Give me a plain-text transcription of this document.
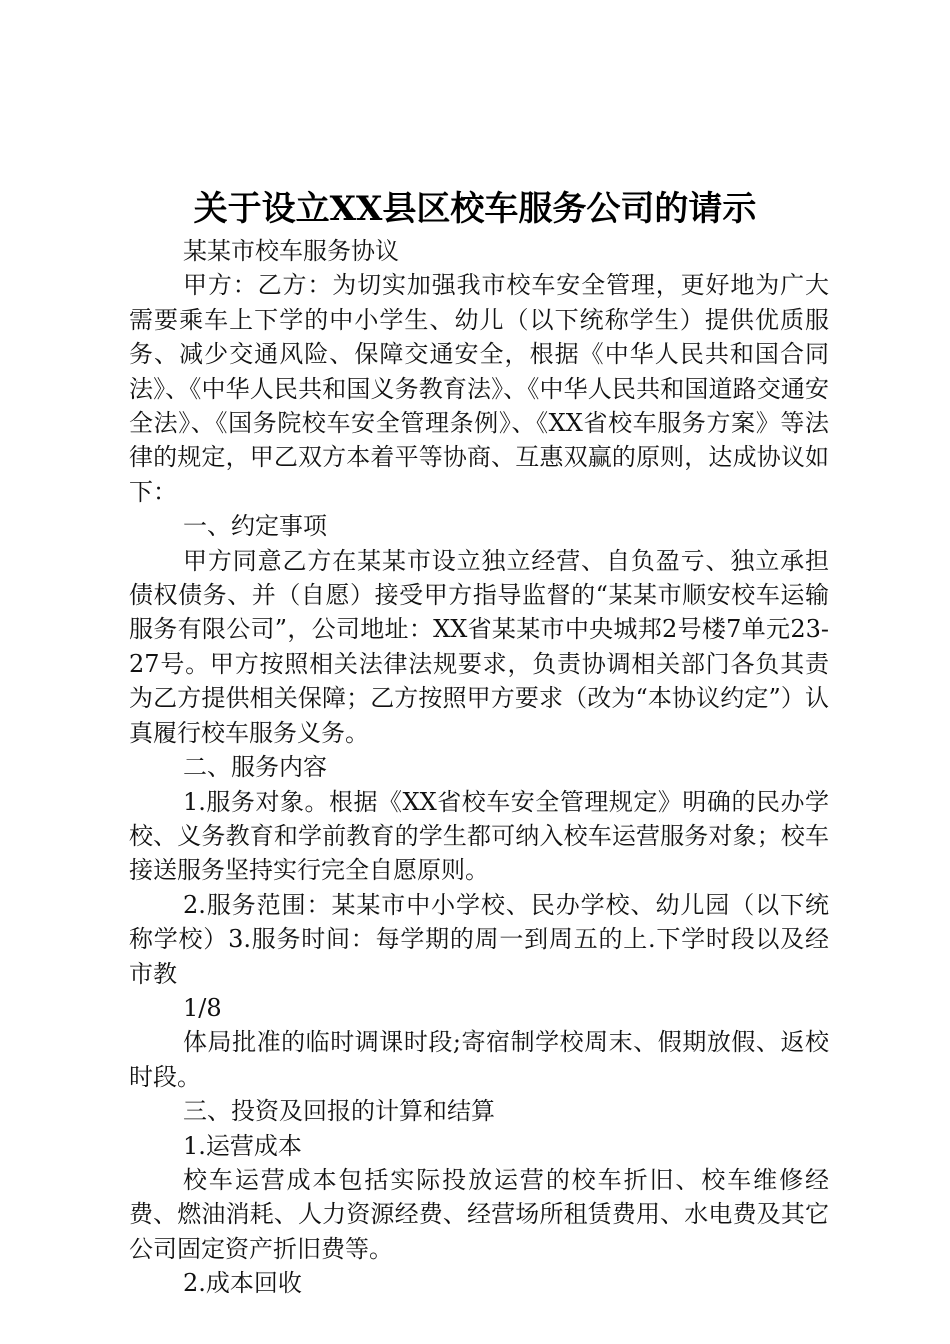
关于设立XX县区校车服务公司的请示

某某市校车服务协议

甲方：乙方：为切实加强我市校车安全管理，更好地为广大需要乘车上下学的中小学生、幼儿（以下统称学生）提供优质服务、减少交通风险、保障交通安全，根据《中华人民共和国合同法》、《中华人民共和国义务教育法》、《中华人民共和国道路交通安全法》、《国务院校车安全管理条例》、《XX省校车服务方案》等法律的规定，甲乙双方本着平等协商、互惠双赢的原则，达成协议如下：

一、约定事项

甲方同意乙方在某某市设立独立经营、自负盈亏、独立承担债权债务、并（自愿）接受甲方指导监督的“某某市顺安校车运输服务有限公司”，公司地址：XX省某某市中央城邦2号楼7单元23-27号。甲方按照相关法律法规要求，负责协调相关部门各负其责为乙方提供相关保障；乙方按照甲方要求（改为“本协议约定”）认真履行校车服务义务。

二、服务内容

1.服务对象。根据《XX省校车安全管理规定》明确的民办学校、义务教育和学前教育的学生都可纳入校车运营服务对象；校车接送服务坚持实行完全自愿原则。

2.服务范围：某某市中小学校、民办学校、幼儿园（以下统称学校）3.服务时间：每学期的周一到周五的上.下学时段以及经市教

1/8

体局批准的临时调课时段;寄宿制学校周末、假期放假、返校时段。

三、投资及回报的计算和结算

1.运营成本

校车运营成本包括实际投放运营的校车折旧、校车维修经费、燃油消耗、人力资源经费、经营场所租赁费用、水电费及其它公司固定资产折旧费等。

2.成本回收
